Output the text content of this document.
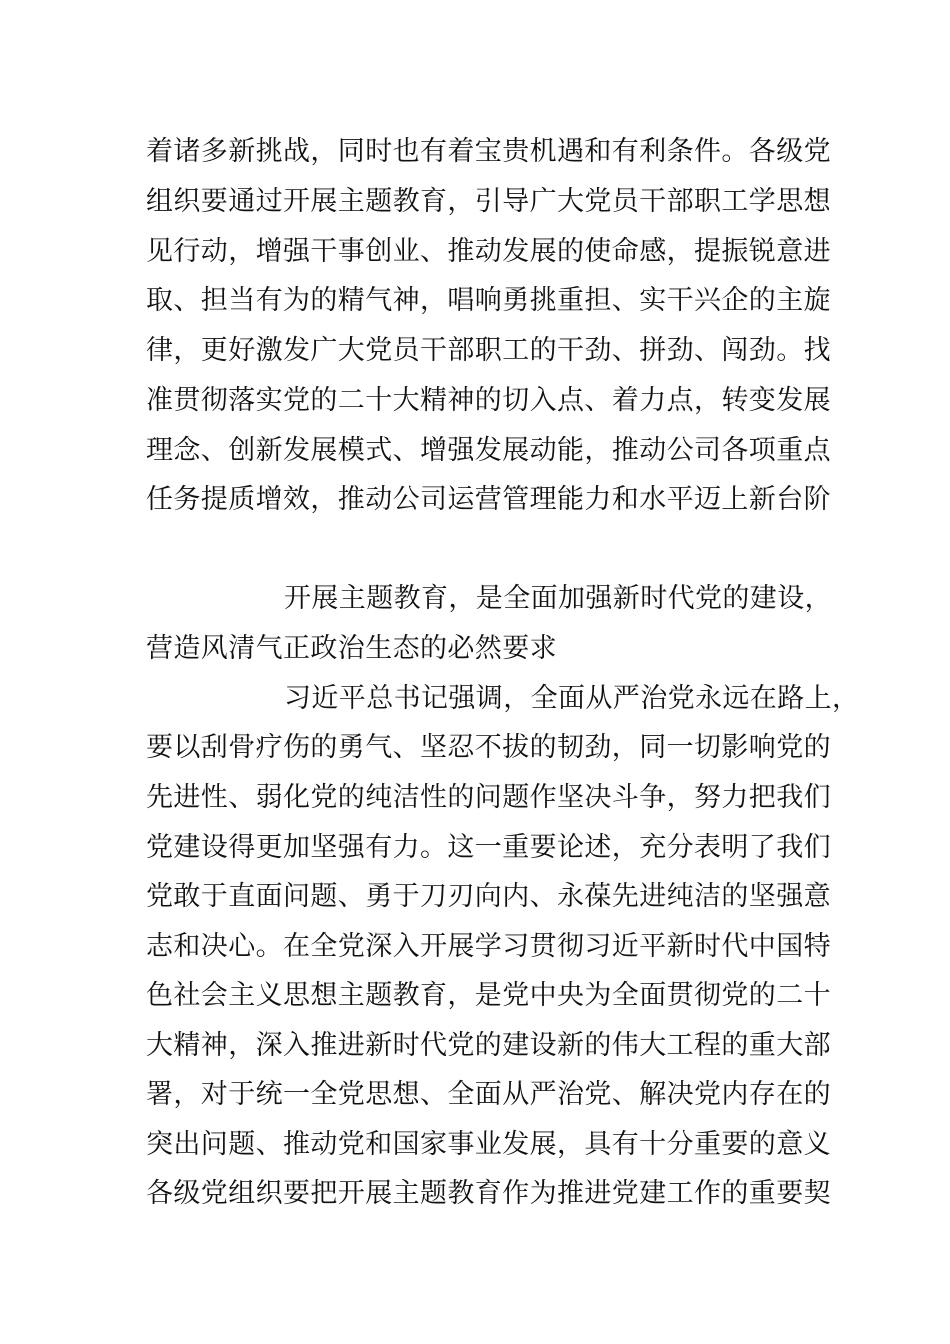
着诸多新挑战，同时也有着宝贵机遇和有利条件。各级党
组织要通过开展主题教育，引导广大党员干部职工学思想
见行动，增强干事创业、推动发展的使命感，提振锐意进
取、担当有为的精气神，唱响勇挑重担、实干兴企的主旋
律，更好激发广大党员干部职工的干劲、拼劲、闯劲。找
准贯彻落实党的二十大精神的切入点、着力点，转变发展
理念、创新发展模式、增强发展动能，推动公司各项重点
任务提质增效，推动公司运营管理能力和水平迈上新台阶
开展主题教育，是全面加强新时代党的建设，
营造风清气正政治生态的必然要求
习近平总书记强调，全面从严治党永远在路上，
要以刮骨疗伤的勇气、坚忍不拔的韧劲，同一切影响党的
先进性、弱化党的纯洁性的问题作坚决斗争，努力把我们
党建设得更加坚强有力。这一重要论述，充分表明了我们
党敢于直面问题、勇于刀刃向内、永葆先进纯洁的坚强意
志和决心。在全党深入开展学习贯彻习近平新时代中国特
色社会主义思想主题教育，是党中央为全面贯彻党的二十
大精神，深入推进新时代党的建设新的伟大工程的重大部
署，对于统一全党思想、全面从严治党、解决党内存在的
突出问题、推动党和国家事业发展，具有十分重要的意义
各级党组织要把开展主题教育作为推进党建工作的重要契
